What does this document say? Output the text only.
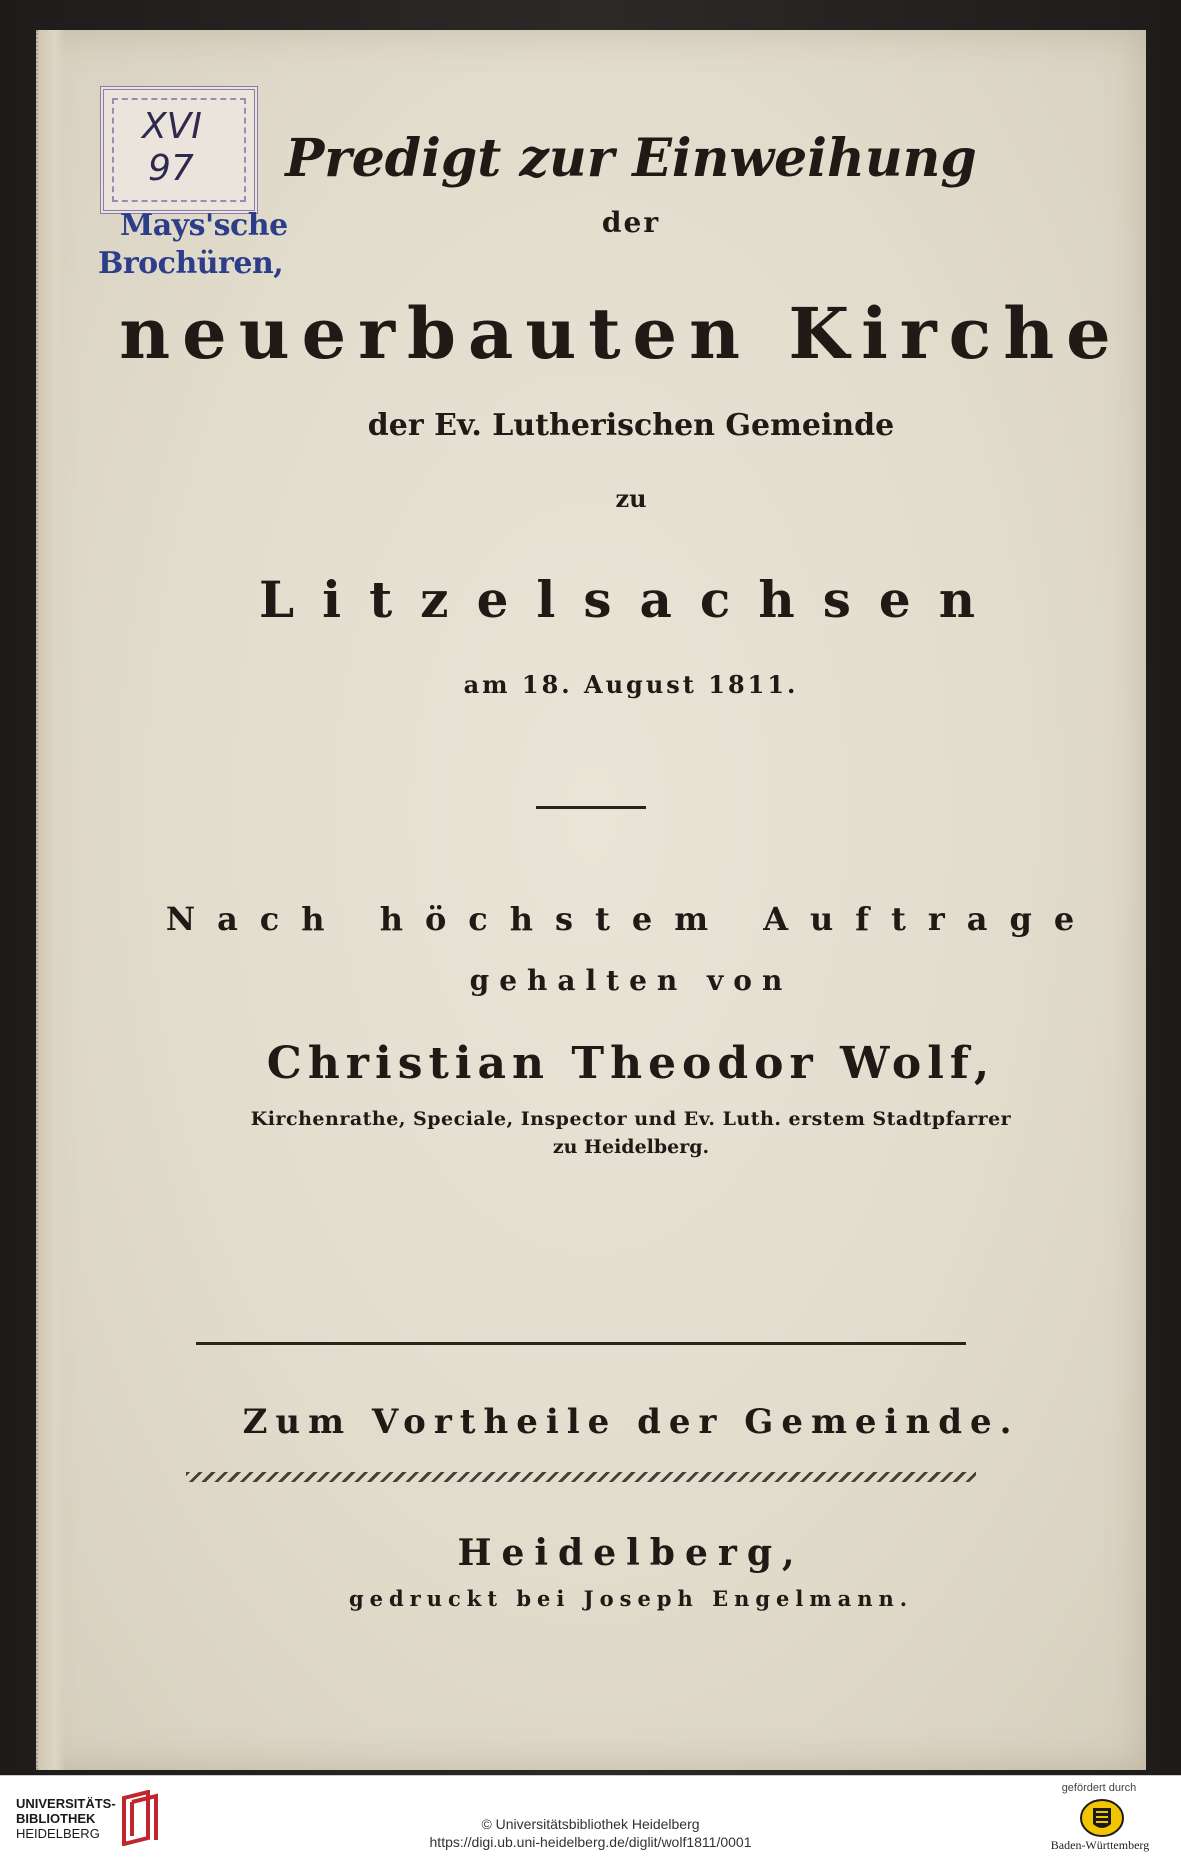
XVI
97
Mays'sche
Brochüren,
Predigt zur Einweihung
der
neuerbauten Kirche
der Ev. Lutherischen Gemeinde
zu
Litzelsachsen
am 18. August 1811.
Nach höchstem Auftrage
gehalten von
Christian Theodor Wolf,
Kirchenrathe, Speciale, Inspector und Ev. Luth. erstem Stadtpfarrer
zu Heidelberg.
Zum Vortheile der Gemeinde.
Heidelberg,
gedruckt bei Joseph Engelmann.
UNIVERSITÄTS-
BIBLIOTHEK
HEIDELBERG
© Universitätsbibliothek Heidelberg
https://digi.ub.uni-heidelberg.de/diglit/wolf1811/0001
gefördert durch
Baden-Württemberg
